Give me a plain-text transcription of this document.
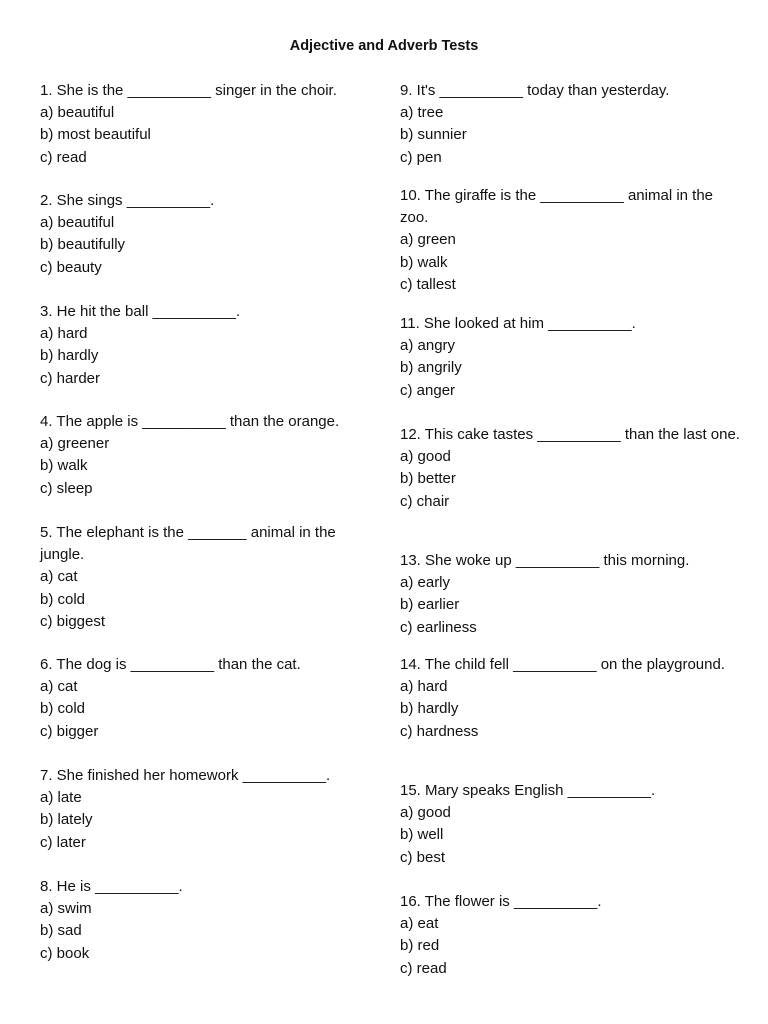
Adjective and Adverb Tests
1. She is the __________ singer in the choir.
a) beautiful
b) most beautiful
c) read
2. She sings __________.
a) beautiful
b) beautifully
c) beauty
3. He hit the ball __________.
a) hard
b) hardly
c) harder
4. The apple is __________ than the orange.
a) greener
b) walk
c) sleep
5. The elephant is the _______ animal in the jungle.
a) cat
b) cold
c) biggest
6. The dog is __________ than the cat.
a) cat
b) cold
c) bigger
7. She finished her homework __________.
a) late
b) lately
c) later
8. He is __________.
a) swim
b) sad
c) book
9. It's __________ today than yesterday.
a) tree
b) sunnier
c) pen
10. The giraffe is the __________ animal in the zoo.
a) green
b) walk
c) tallest
11. She looked at him __________.
a) angry
b) angrily
c) anger
12. This cake tastes __________ than the last one.
a) good
b) better
c) chair
13. She woke up __________ this morning.
a) early
b) earlier
c) earliness
14. The child fell __________ on the playground.
a) hard
b) hardly
c) hardness
15. Mary speaks English __________.
a) good
b) well
c) best
16. The flower is __________.
a) eat
b) red
c) read
